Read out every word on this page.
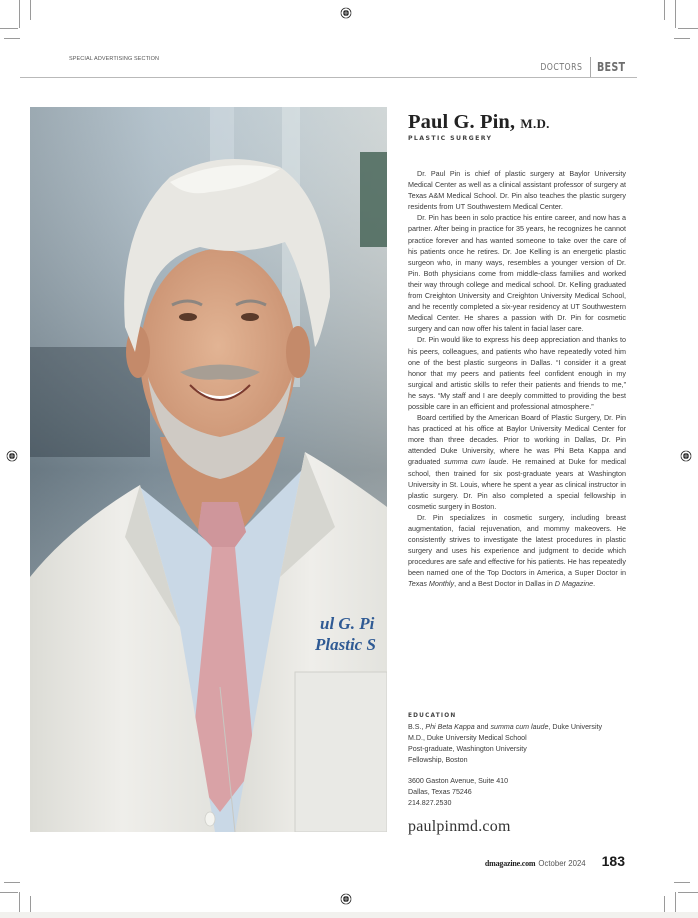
SPECIAL ADVERTISING SECTION
DOCTORS BEST
ul G. Pi
Plastic S
Paul G. Pin, M.D.
PLASTIC SURGERY

Dr. Paul Pin is chief of plastic surgery at Baylor University Medical Center as well as a clinical assistant professor of surgery at Texas A&M Medical School. Dr. Pin also teaches the plastic surgery residents from UT Southwestern Medical Center.

Dr. Pin has been in solo practice his entire career, and now has a partner. After being in practice for 35 years, he recognizes he cannot practice forever and has wanted someone to take over the care of his patients once he retires. Dr. Joe Kelling is an energetic plastic surgeon who, in many ways, resembles a younger version of Dr. Pin. Both physicians come from middle-class families and worked their way through college and medical school. Dr. Kelling graduated from Creighton University and Creighton University Medical School, and he recently completed a six-year residency at UT Southwestern Medical Center. He shares a passion with Dr. Pin for cosmetic surgery and can now offer his talent in facial laser care.

Dr. Pin would like to express his deep appreciation and thanks to his peers, colleagues, and patients who have repeatedly voted him one of the best plastic surgeons in Dallas. “I consider it a great honor that my peers and patients feel confident enough in my surgical and artistic skills to refer their patients and friends to me,” he says. “My staff and I are deeply committed to providing the best possible care in an efficient and professional atmosphere.”

Board certified by the American Board of Plastic Surgery, Dr. Pin has practiced at his office at Baylor University Medical Center for more than three decades. Prior to working in Dallas, Dr. Pin attended Duke University, where he was Phi Beta Kappa and graduated summa cum laude. He remained at Duke for medical school, then trained for six post-graduate years at Washington University in St. Louis, where he spent a year as clinical instructor in plastic surgery. Dr. Pin also completed a special fellowship in cosmetic surgery in Boston.

Dr. Pin specializes in cosmetic surgery, including breast augmentation, facial rejuvenation, and mommy makeovers. He consistently strives to investigate the latest procedures in plastic surgery and uses his experience and judgment to decide which procedures are safe and effective for his patients. He has repeatedly been named one of the Top Doctors in America, a Super Doctor in Texas Monthly, and a Best Doctor in Dallas in D Magazine.

EDUCATION
B.S., Phi Beta Kappa and summa cum laude, Duke University
M.D., Duke University Medical School
Post-graduate, Washington University
Fellowship, Boston
3600 Gaston Avenue, Suite 410
Dallas, Texas 75246
214.827.2530
paulpinmd.com
dmagazine.com October 2024 183
